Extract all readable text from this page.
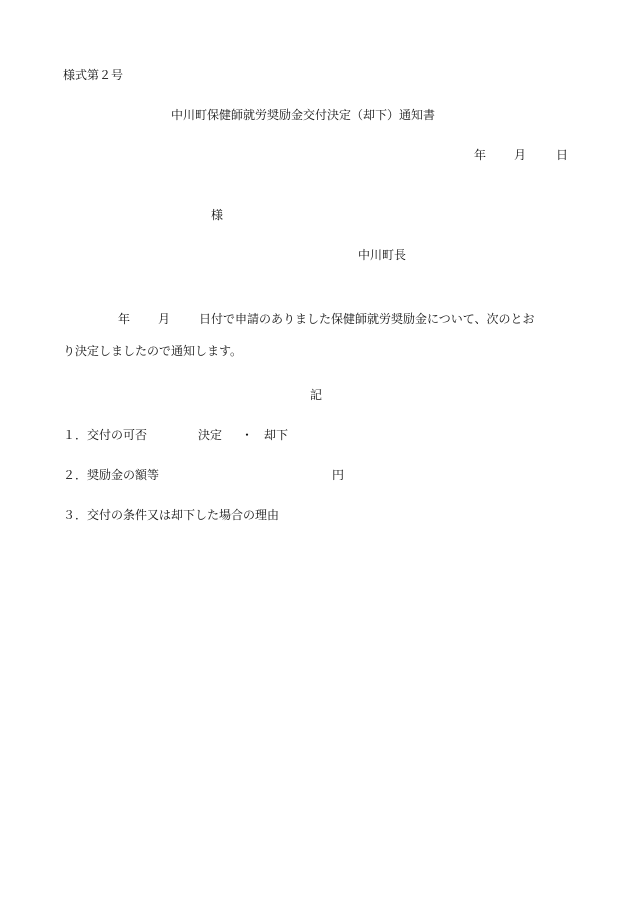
様式第２号
中川町保健師就労奨励金交付決定（却下）通知書
年 月 日
様
中川町長
年 月 日付で申請のありました保健師就労奨励金について、次のとお
り決定しましたので通知します。
記
１．交付の可否	決定 ・ 却下
２．奨励金の額等	円
３．交付の条件又は却下した場合の理由
